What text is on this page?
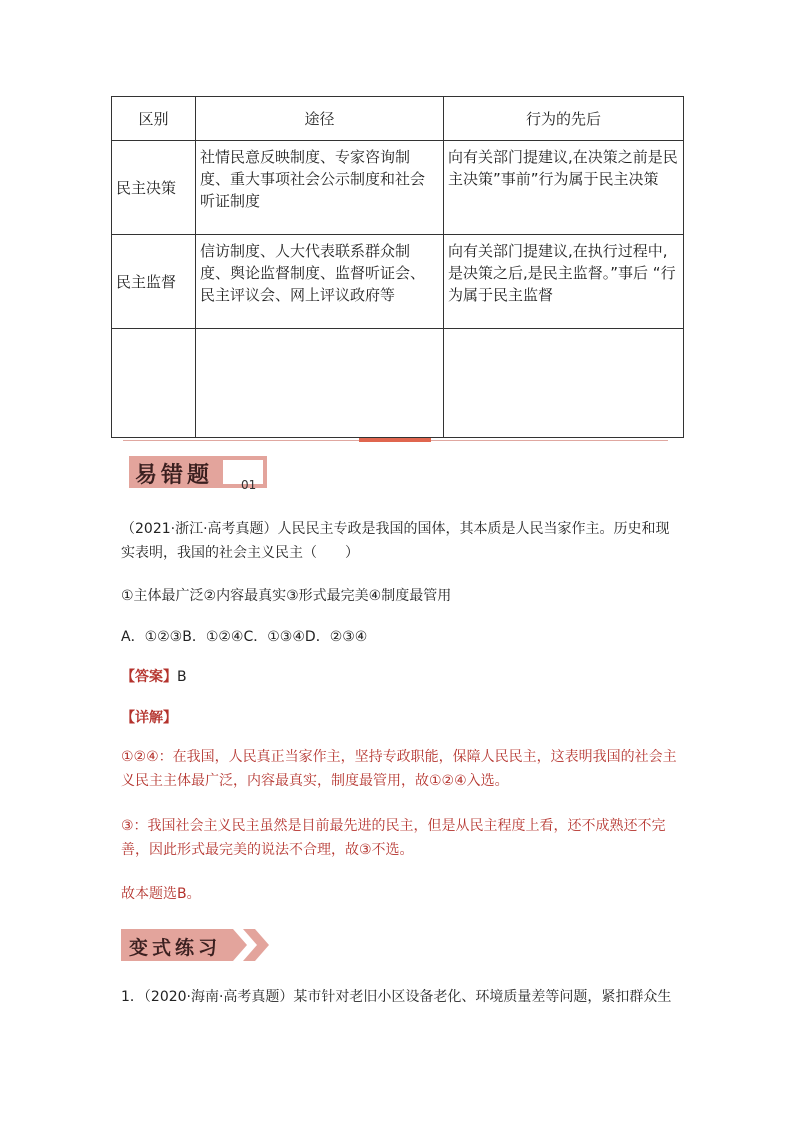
区别	途径	行为的先后
民主决策	社情民意反映制度、专家咨询制度、重大事项社会公示制度和社会听证制度	向有关部门提建议,在决策之前是民主决策”事前”行为属于民主决策
民主监督	信访制度、人大代表联系群众制度、舆论监督制度、监督听证会、民主评议会、网上评议政府等	向有关部门提建议,在执行过程中,是决策之后,是民主监督。”事后 “行为属于民主监督

易错题 01
（2021·浙江·高考真题）人民民主专政是我国的国体，其本质是人民当家作主。历史和现实表明，我国的社会主义民主（　　）
①主体最广泛②内容最真实③形式最完美④制度最管用
A．①②③B．①②④C．①③④D．②③④
【答案】B
【详解】
①②④：在我国，人民真正当家作主，坚持专政职能，保障人民民主，这表明我国的社会主义民主主体最广泛，内容最真实，制度最管用，故①②④入选。
③：我国社会主义民主虽然是目前最先进的民主，但是从民主程度上看，还不成熟还不完善，因此形式最完美的说法不合理，故③不选。
故本题选B。
变式练习
1．（2020·海南·高考真题）某市针对老旧小区设备老化、环境质量差等问题，紧扣群众生
